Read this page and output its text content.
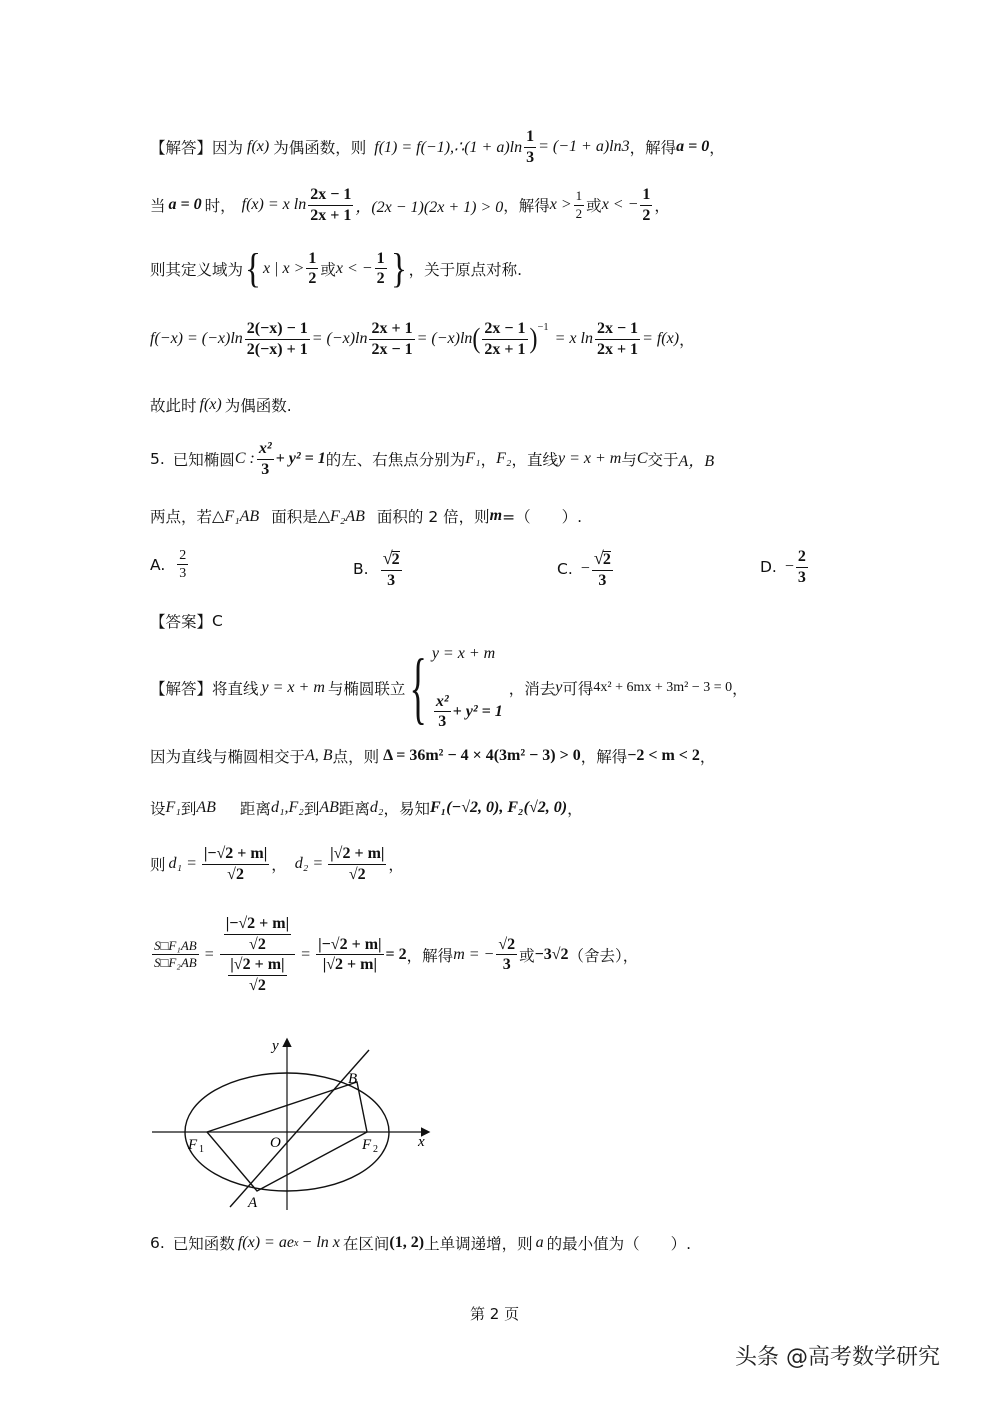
【解答】 因为 f(x) 为偶函数，则 f(1) = f(−1),∴(1 + $a)\ln \frac{1}{3} = (-1 + a)\ln 3$ ，解得 a = 0 ，
当 a = 0 时， f(x) = x $\ln \frac{2x - 1}{2x + 1}$ ，(2x − 1)(2x + 1) > 0 ，解得 $x > \frac{1}{2}$ 或 x < − $\frac{1}{2}$ ，
则其定义域为 { x | $x > \frac{1}{2}$ 或 x < − $\frac{1}{2}$ } ，关于原点对称.
$f(-x) = (-x)\ln \frac{2(-x) - 1}{2(-x) + 1} = (-x)\ln \frac{2x + 1}{2x - 1} = (-x)\ln$ ( $\frac{2x - 1}{2x + 1} )^{-1}$
= x $\ln \frac{2x - 1}{2x + 1} = f(x)$ ，
故此时 f(x) 为偶函数.
5. 已知椭圆 C : $\frac{\text{x²}}{3} + y^2 = 1$ 的左、右焦点分别为 F₁ ， F₂ ，直线 y = x + m 与 C 交于 A，B
两点，若 △F₁AB 面积是 △F₂AB 面积的 2 倍，则 m =（　　）.
A. $\frac{2}{3}$	B. $\frac{√ 2}{3}$	C. − $\frac{√ 2}{3}$	D. − $\frac{2}{3}$
【答案】 C
【解答】 将直线 y = x + m 与椭圆联立 { y = x + m
$\frac{\text{x²}}{3} + y^2 = 1$
，消去 y 可得 4x² + 6mx + 3m² − 3 = 0 ，
因为直线与椭圆相交于 A, B 点，则 Δ = 36m² − 4 × 4(3m² − 3) > 0 ，解得 −2 < m < 2 ，
设 F₁ 到 AB 距离 d₁,F₂ 到 AB 距离 d₂ ，易知 F₁(−√2, 0), F₂(√2, 0) ，
则 $d_1 = \frac{|-√2 + m|}{√2}$ ， $d_2 = \frac{|√2 + m|}{√2}$ ，
$\frac{\text{S□F₁AB}}{\text{S□F₂AB}} = \frac{\frac{|-√2 + m|}{√2}}{\frac{|√2 + m|}{√2}} = \frac{|-√2 + m|}{|√2 + m|} = 2$ ，解得 m = − $\frac{√2}{3}$ 或 −3√2 （舍去），
y
x
O
B
A
F 1	F 2
6. 已知函数 f(x) = ae x − ln x 在区间 (1, 2) 上单调递增，则 a 的最小值为（　　）.
第 2 页
头条 @高考数学研究
